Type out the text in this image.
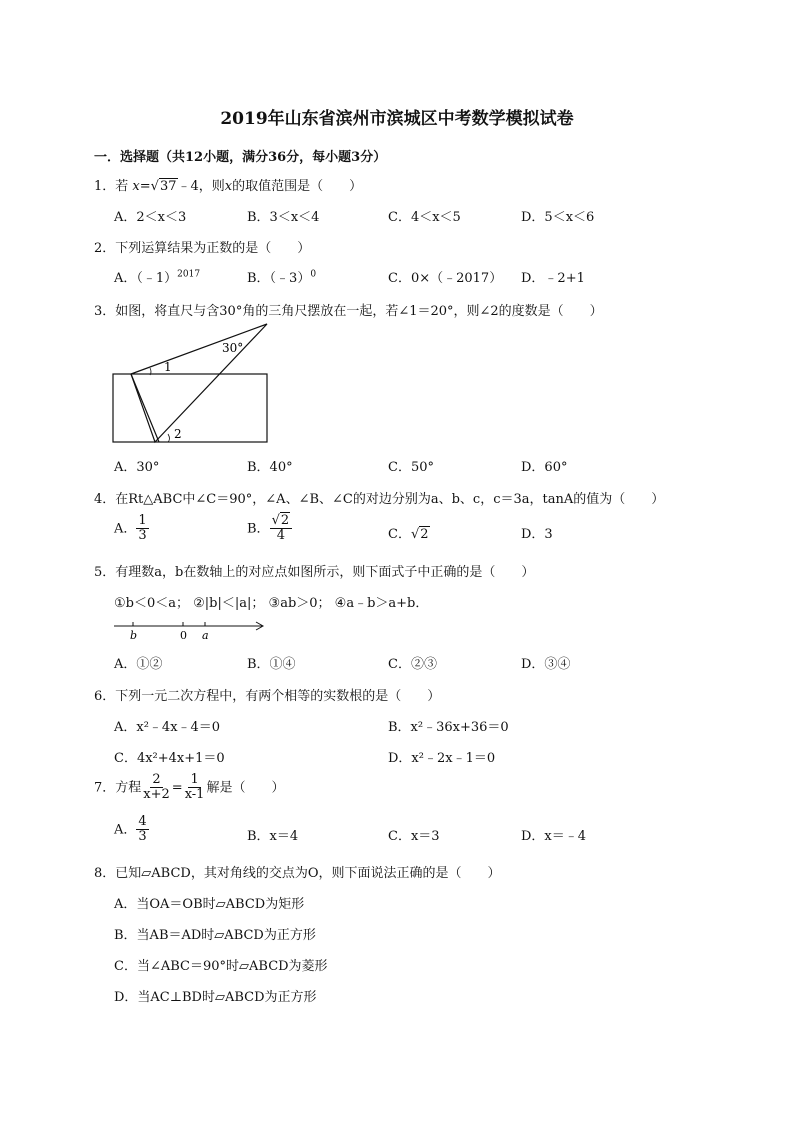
2019年山东省滨州市滨城区中考数学模拟试卷
一．选择题（共12小题，满分36分，每小题3分）
1．若 x=√37﹣4，则x的取值范围是（　　）
A．2＜x＜3	B．3＜x＜4	C．4＜x＜5	D．5＜x＜6
2．下列运算结果为正数的是（　　）
A．（﹣1）$^{2017}$	B．（﹣3）$^0$	C．0×（﹣2017） D．﹣2+1
3．如图，将直尺与含30°角的三角尺摆放在一起，若∠1＝20°，则∠2的度数是（　　）
30°
1
2
A．30°	B．40°	C．50°	D．60°
4．在Rt△ABC中∠C＝90°，∠A、∠B、∠C的对边分别为a、b、c，c＝3a，tanA的值为（　　）
A． $\frac{1}{3}$	B． $\frac{√2}{4}$	C．√2	D．3
5．有理数a，b在数轴上的对应点如图所示，则下面式子中正确的是（　　）
①b＜0＜a； ②|b|＜|a|； ③ab＞0； ④a﹣b＞a+b．
b	0 a
A．①②	B．①④	C．②③	D．③④
6．下列一元二次方程中，有两个相等的实数根的是（　　）
A．x²﹣4x﹣4＝0	B．x²﹣36x+36＝0
C．4x²+4x+1＝0	D．x²﹣2x﹣1＝0
7．方程 $\frac{2}{x+2} = \frac{1}{x-1}$ 解是（　　）
A． $\frac{4}{3}$	B．x＝4	C．x＝3	D．x＝﹣4
8．已知▱ABCD，其对角线的交点为O，则下面说法正确的是（　　）
A．当OA＝OB时▱ABCD为矩形
B．当AB＝AD时▱ABCD为正方形
C．当∠ABC＝90°时▱ABCD为菱形
D．当AC⊥BD时▱ABCD为正方形
